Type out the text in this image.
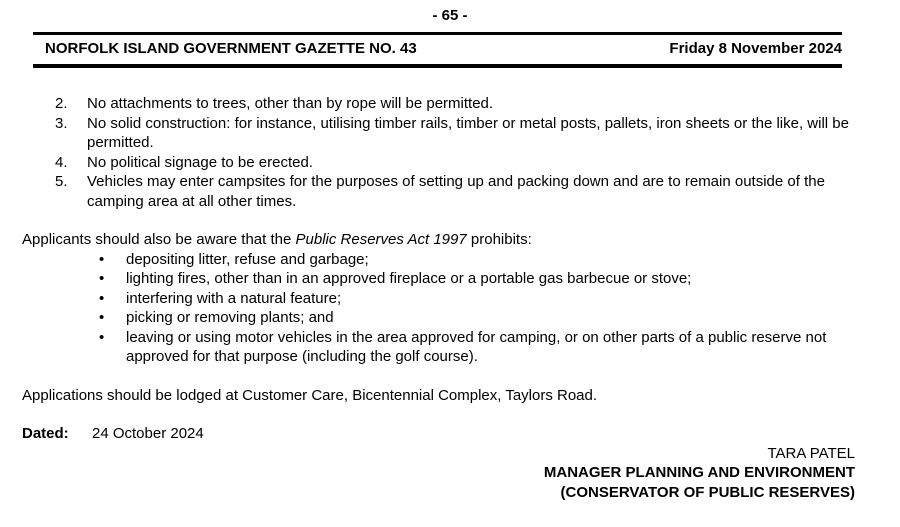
- 65 -
NORFOLK ISLAND GOVERNMENT GAZETTE NO. 43	Friday 8 November 2024
2. No attachments to trees, other than by rope will be permitted.
3. No solid construction: for instance, utilising timber rails, timber or metal posts, pallets, iron sheets or the like, will be permitted.
4. No political signage to be erected.
5. Vehicles may enter campsites for the purposes of setting up and packing down and are to remain outside of the camping area at all other times.

Applicants should also be aware that the Public Reserves Act 1997 prohibits:

• depositing litter, refuse and garbage;
• lighting fires, other than in an approved fireplace or a portable gas barbecue or stove;
• interfering with a natural feature;
• picking or removing plants; and
• leaving or using motor vehicles in the area approved for camping, or on other parts of a public reserve not approved for that purpose (including the golf course).

Applications should be lodged at Customer Care, Bicentennial Complex, Taylors Road.

Dated: 24 October 2024
TARA PATEL
MANAGER PLANNING AND ENVIRONMENT
(CONSERVATOR OF PUBLIC RESERVES)
